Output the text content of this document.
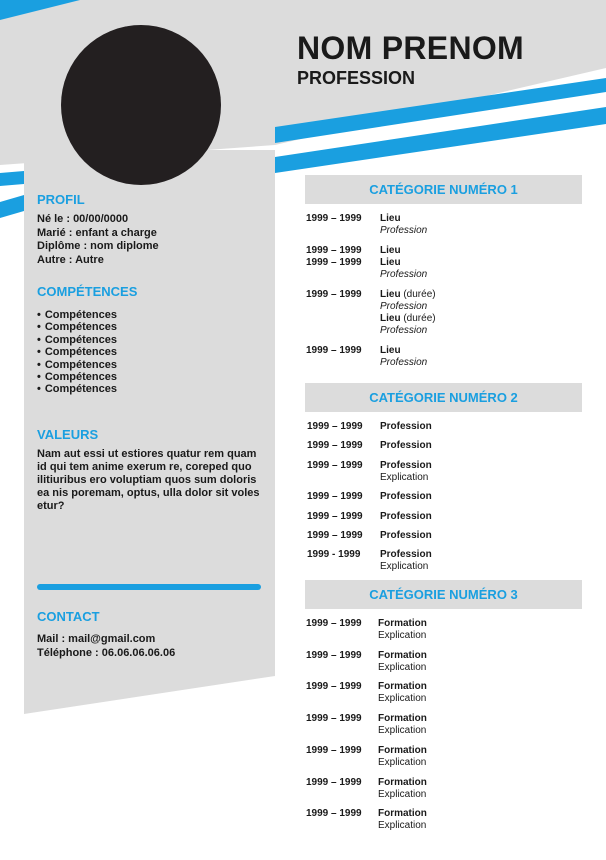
NOM PRENOM
PROFESSION
PROFIL
Né le : 00/00/0000
Marié : enfant a charge
Diplôme : nom diplome
Autre : Autre
COMPÉTENCES
• Compétences
• Compétences
• Compétences
• Compétences
• Compétences
• Compétences
• Compétences
VALEURS
Nam aut essi ut estiores quatur rem quam id qui tem anime exerum re, coreped quo ilitiuribus ero voluptiam quos sum doloris ea nis poremam, optus, ulla dolor sit voles etur?
CONTACT
Mail : mail@gmail.com
Téléphone : 06.06.06.06.06
CATÉGORIE NUMÉRO 1
1999 – 1999	Lieu
Profession
1999 – 1999	Lieu
1999 – 1999	Lieu
Profession
1999 – 1999	Lieu (durée)
Profession
Lieu (durée)
Profession
1999 – 1999	Lieu
Profession
CATÉGORIE NUMÉRO 2
1999 – 1999	Profession
1999 – 1999	Profession
1999 – 1999	Profession
Explication
1999 – 1999	Profession
1999 – 1999	Profession
1999 – 1999	Profession
1999 - 1999	Profession
Explication
CATÉGORIE NUMÉRO 3
1999 – 1999	Formation
Explication
1999 – 1999	Formation
Explication
1999 – 1999	Formation
Explication
1999 – 1999	Formation
Explication
1999 – 1999	Formation
Explication
1999 – 1999	Formation
Explication
1999 – 1999	Formation
Explication
